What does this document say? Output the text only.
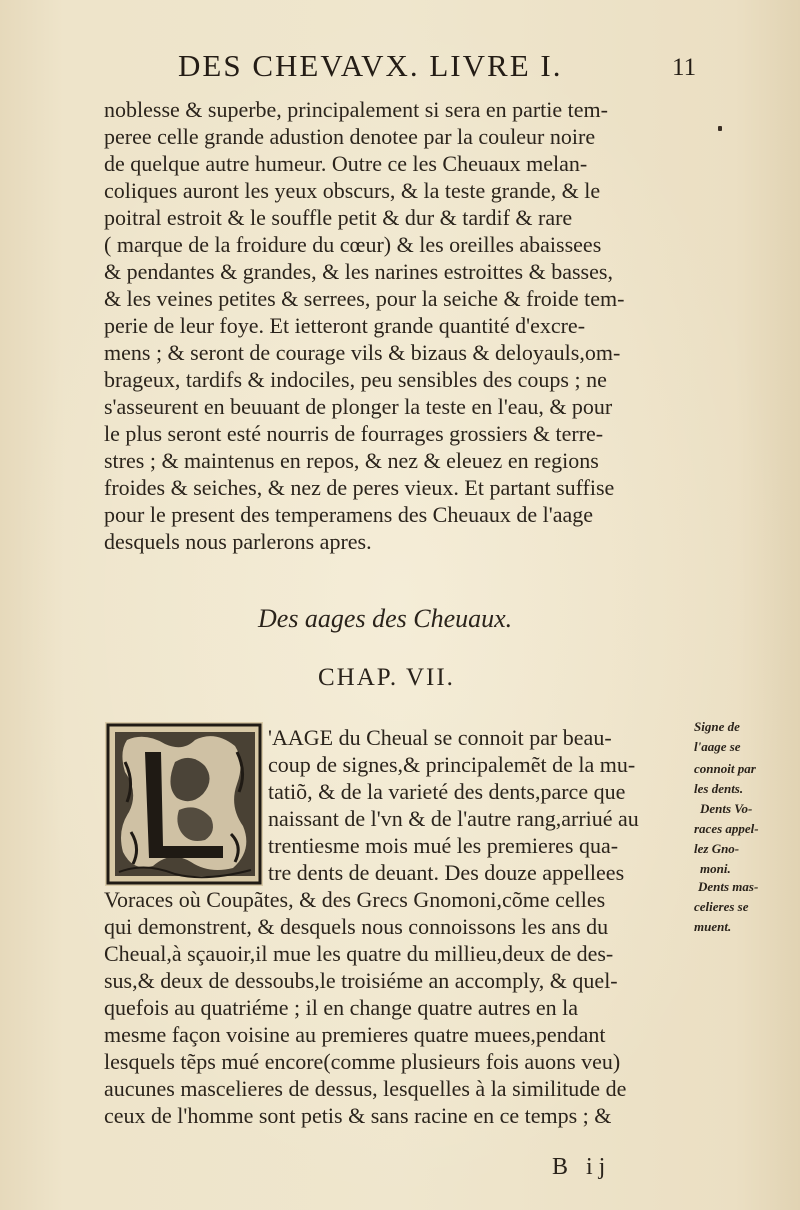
DES CHEVAVX. LIVRE I.	11
noblesse & superbe, principalement si sera en partie tem-
peree celle grande adustion denotee par la couleur noire
de quelque autre humeur. Outre ce les Cheuaux melan-
coliques auront les yeux obscurs, & la teste grande, & le
poitral estroit & le souffle petit & dur & tardif & rare
( marque de la froidure du cœur) & les oreilles abaissees
& pendantes & grandes, & les narines estroittes & basses,
& les veines petites & serrees, pour la seiche & froide tem-
perie de leur foye. Et ietteront grande quantité d'excre-
mens ; & seront de courage vils & bizaus & deloyauls,om-
brageux, tardifs & indociles, peu sensibles des coups ; ne
s'asseurent en beuuant de plonger la teste en l'eau, & pour
le plus seront esté nourris de fourrages grossiers & terre-
stres ; & maintenus en repos, & nez & eleuez en regions
froides & seiches, & nez de peres vieux. Et partant suffise
pour le present des temperamens des Cheuaux de l'aage
desquels nous parlerons apres.
Des aages des Cheuaux.
CHAP. VII.
'AAGE du Cheual se connoit par beau-
coup de signes,& principalemẽt de la mu-
tatiõ, & de la varieté des dents,parce que
naissant de l'vn & de l'autre rang,arriué au
trentiesme mois mué les premieres qua-
tre dents de deuant. Des douze appellees
Voraces où Coupãtes, & des Grecs Gnomoni,cõme celles
qui demonstrent, & desquels nous connoissons les ans du
Cheual,à sçauoir,il mue les quatre du millieu,deux de des-
sus,& deux de dessoubs,le troisiéme an accomply, & quel-
quefois au quatriéme ; il en change quatre autres en la
mesme façon voisine au premieres quatre muees,pendant
lesquels tẽps mué encore(comme plusieurs fois auons veu)
aucunes mascelieres de dessus, lesquelles à la similitude de
ceux de l'homme sont petis & sans racine en ce temps ; &
Signe de
l'aage se
connoit par
les dents.
Dents Vo-
races appel-
lez Gno-
moni.
Dents mas-
celieres se
muent.
B ij
